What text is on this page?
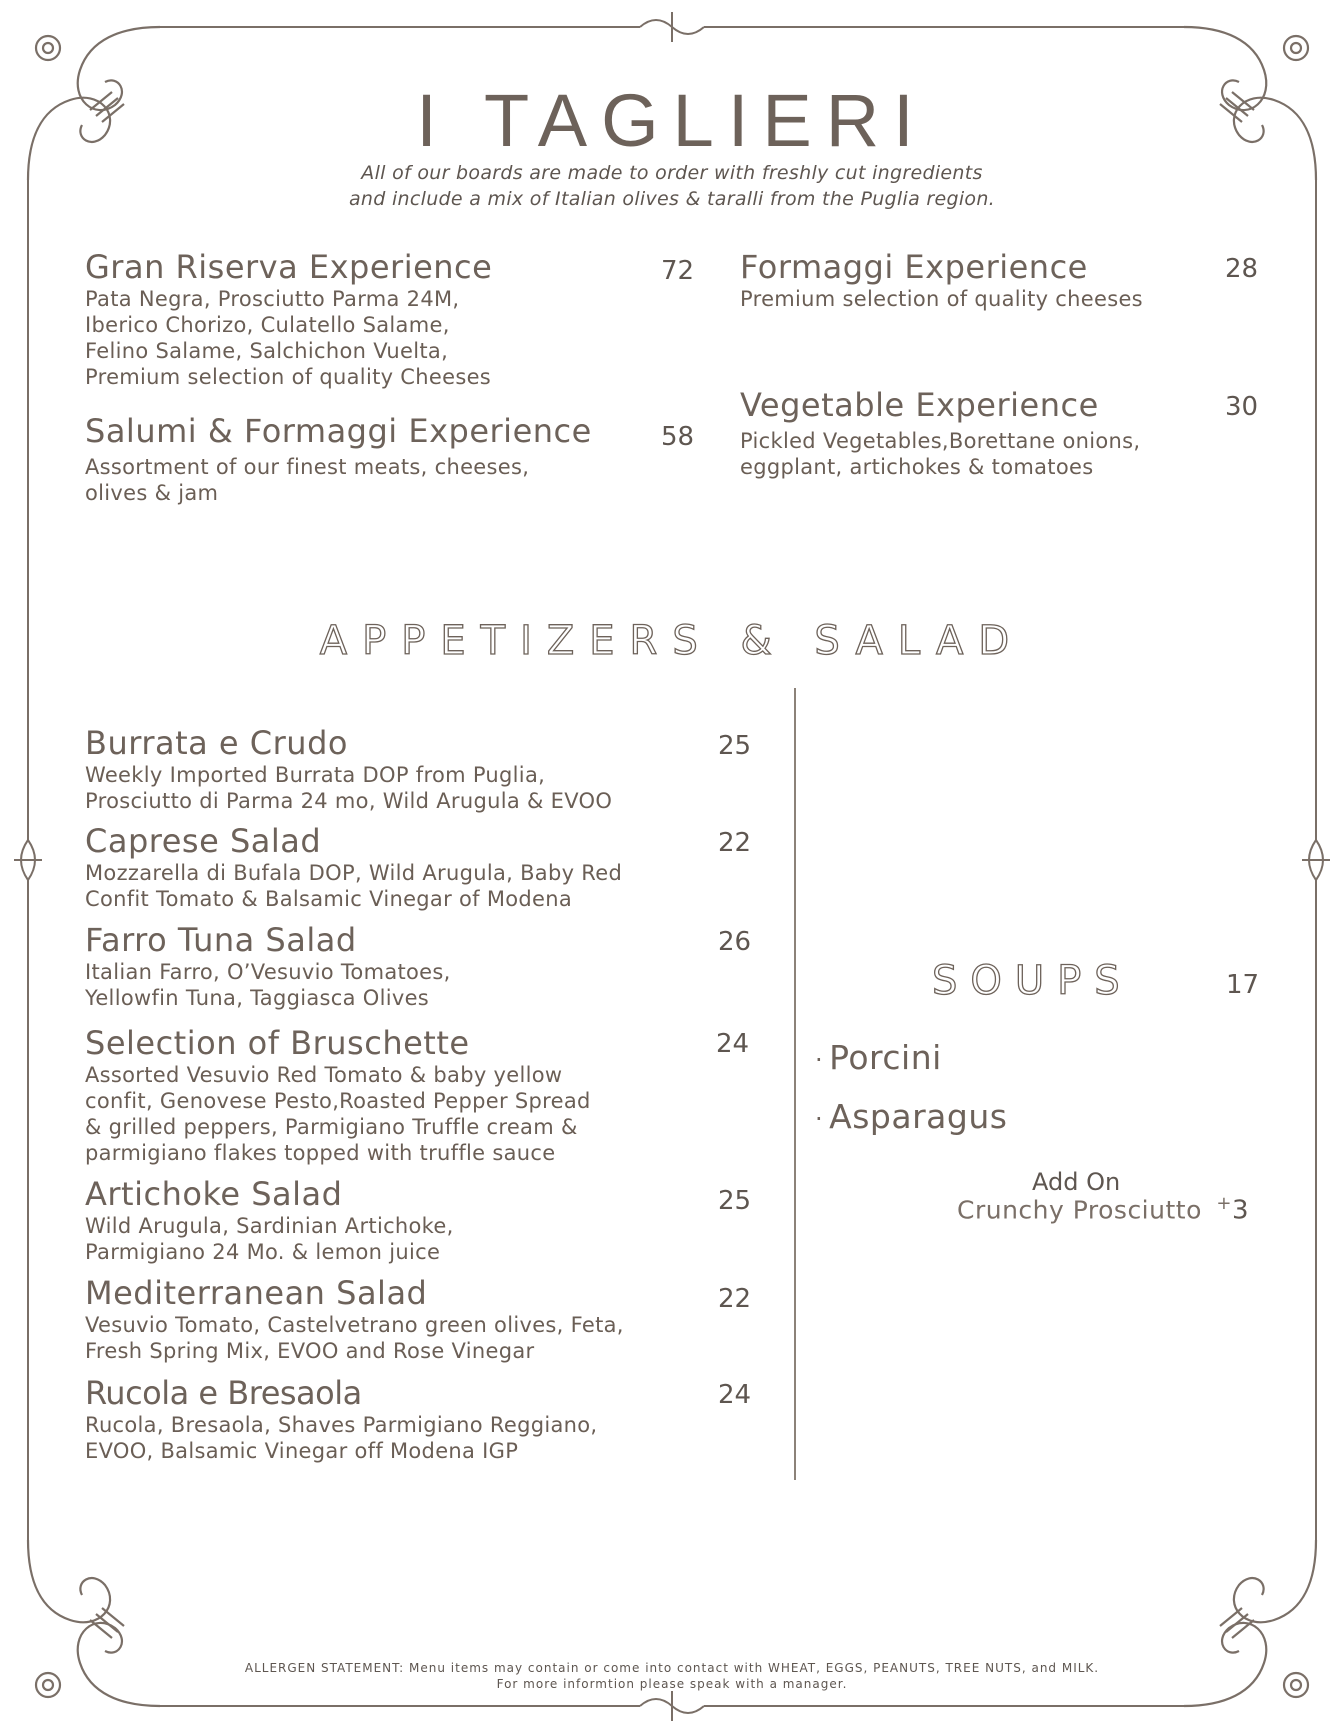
I TAGLIERI
All of our boards are made to order with freshly cut ingredients
and include a mix of Italian olives & taralli from the Puglia region.
Gran Riserva Experience
Pata Negra, Prosciutto Parma 24M,
Iberico Chorizo, Culatello Salame,
Felino Salame, Salchichon Vuelta,
Premium selection of quality Cheeses
72
Salumi & Formaggi Experience
Assortment of our finest meats, cheeses,
olives & jam
58
Formaggi Experience
Premium selection of quality cheeses
28
Vegetable Experience
Pickled Vegetables,Borettane onions,
eggplant, artichokes & tomatoes
30
APPETIZERS & SALAD
Burrata e Crudo
Weekly Imported Burrata DOP from Puglia,
Prosciutto di Parma 24 mo, Wild Arugula & EVOO
25
Caprese Salad
Mozzarella di Bufala DOP, Wild Arugula, Baby Red
Confit Tomato & Balsamic Vinegar of Modena
22
Farro Tuna Salad
Italian Farro, O’Vesuvio Tomatoes,
Yellowfin Tuna, Taggiasca Olives
26
Selection of Bruschette
Assorted Vesuvio Red Tomato & baby yellow
confit, Genovese Pesto,Roasted Pepper Spread
& grilled peppers, Parmigiano Truffle cream &
parmigiano flakes topped with truffle sauce
24
Artichoke Salad
Wild Arugula, Sardinian Artichoke,
Parmigiano 24 Mo. & lemon juice
25
Mediterranean Salad
Vesuvio Tomato, Castelvetrano green olives, Feta,
Fresh Spring Mix, EVOO and Rose Vinegar
22
Rucola e Bresaola
Rucola, Bresaola, Shaves Parmigiano Reggiano,
EVOO, Balsamic Vinegar off Modena IGP
24
SOUPS	17
· Porcini
· Asparagus
Add On
Crunchy Prosciutto +3
ALLERGEN STATEMENT: Menu items may contain or come into contact with WHEAT, EGGS, PEANUTS, TREE NUTS, and MILK.
For more informtion please speak with a manager.
